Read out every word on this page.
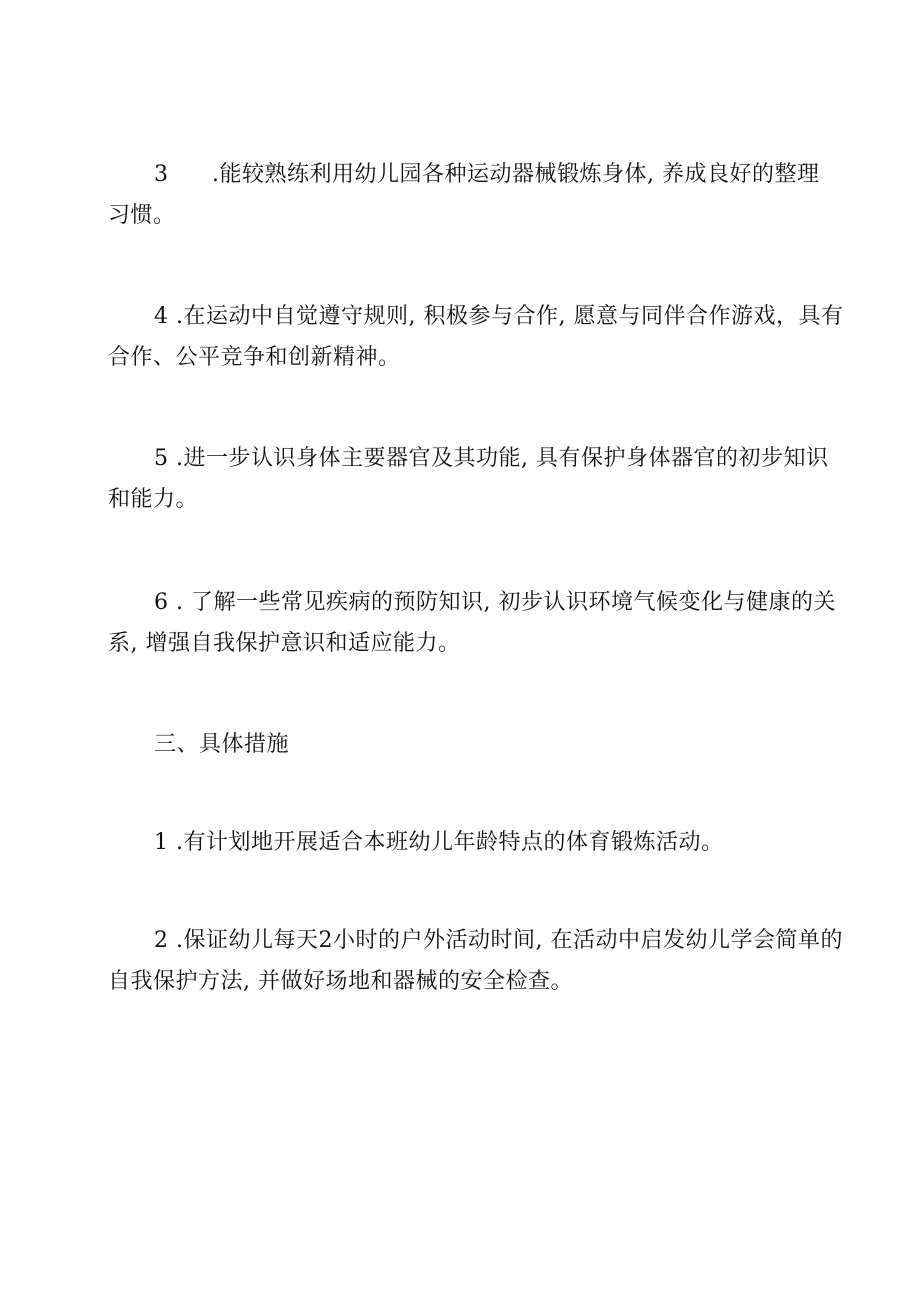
3 .能较熟练利用幼儿园各种运动器械锻炼身体, 养成良好的整理
习惯。
4 .在运动中自觉遵守规则, 积极参与合作, 愿意与同伴合作游戏，具有
合作、公平竞争和创新精神。
5 .进一步认识身体主要器官及其功能, 具有保护身体器官的初步知识
和能力。
6 . 了解一些常见疾病的预防知识, 初步认识环境气候变化与健康的关
系, 增强自我保护意识和适应能力。
三、具体措施
1 .有计划地开展适合本班幼儿年龄特点的体育锻炼活动。
2 .保证幼儿每天2小时的户外活动时间, 在活动中启发幼儿学会简单的
自我保护方法, 并做好场地和器械的安全检查。
